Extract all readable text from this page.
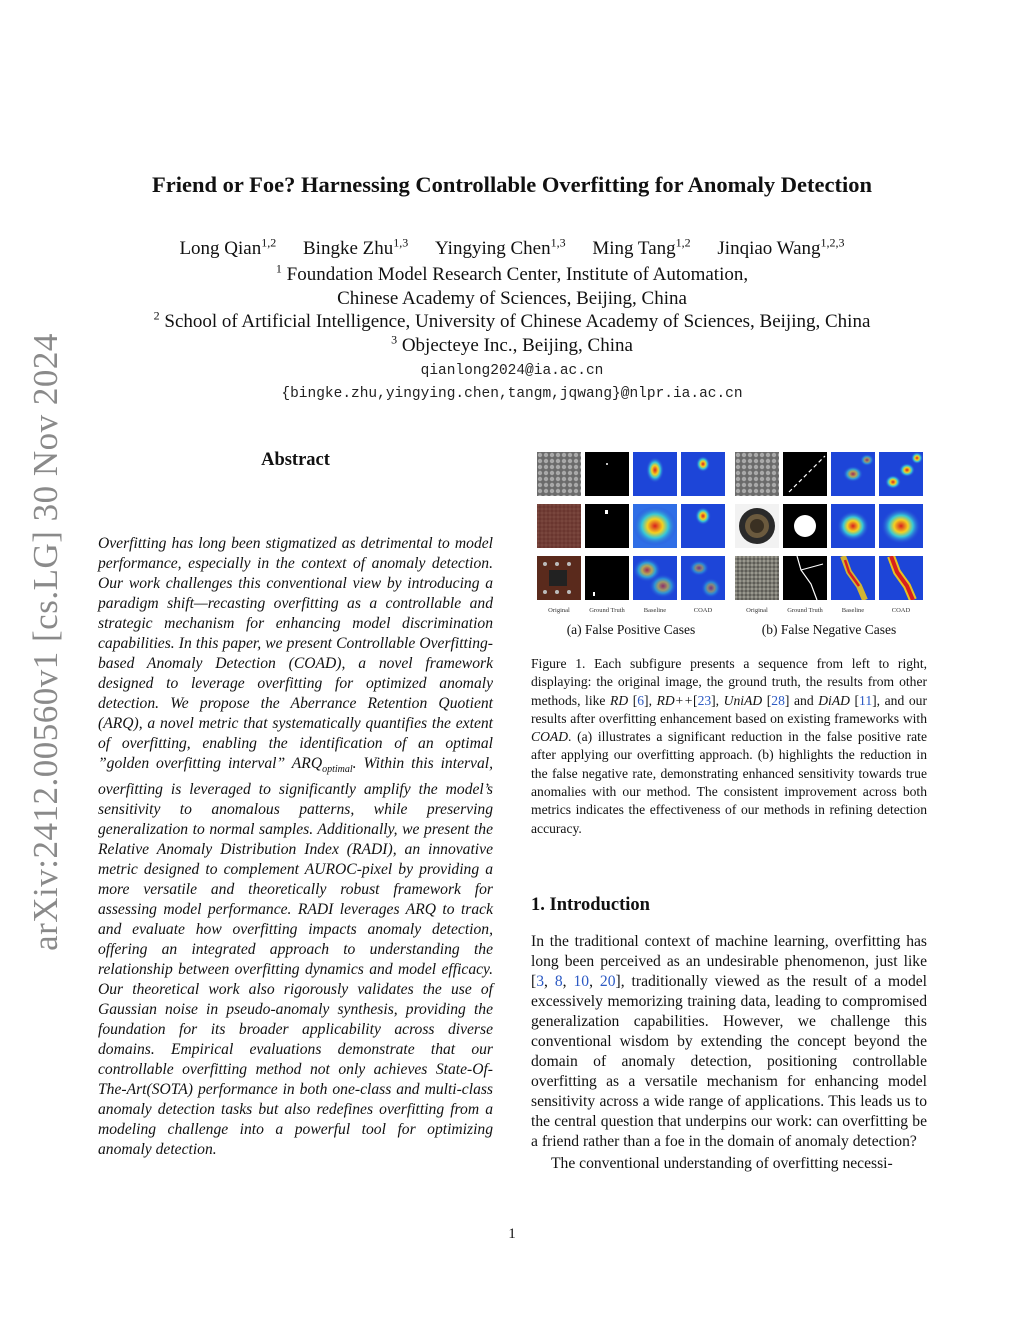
arXiv:2412.00560v1 [cs.LG] 30 Nov 2024
Friend or Foe? Harnessing Controllable Overfitting for Anomaly Detection
Long Qian$^{1,2}$ Bingke Zhu$^{1,3}$ Yingying Chen$^{1,3}$ Ming Tang$^{1,2}$ Jinqiao Wang$^{1,2,3}$
$^1$ Foundation Model Research Center, Institute of Automation,
Chinese Academy of Sciences, Beijing, China
$^2$ School of Artificial Intelligence, University of Chinese Academy of Sciences, Beijing, China
$^3$ Objecteye Inc., Beijing, China
qianlong2024@ia.ac.cn
{bingke.zhu,yingying.chen,tangm,jqwang}@nlpr.ia.ac.cn
Abstract

Overfitting has long been stigmatized as detrimental to model performance, especially in the context of anomaly detection. Our work challenges this conventional view by introducing a paradigm shift—recasting overfitting as a controllable and strategic mechanism for enhancing model discrimination capabilities. In this paper, we present Controllable Overfitting-based Anomaly Detection (COAD), a novel framework designed to leverage overfitting for optimized anomaly detection. We propose the Aberrance Retention Quotient (ARQ), a novel metric that systematically quantifies the extent of overfitting, enabling the identification of an optimal ”golden overfitting interval” $ARQ_{optimal}$. Within this interval, overfitting is leveraged to significantly amplify the model’s sensitivity to anomalous patterns, while preserving generalization to normal samples. Additionally, we present the Relative Anomaly Distribution Index (RADI), an innovative metric designed to complement AUROC-pixel by providing a more versatile and theoretically robust framework for assessing model performance. RADI leverages ARQ to track and evaluate how overfitting impacts anomaly detection, offering an integrated approach to understanding the relationship between overfitting dynamics and model efficacy. Our theoretical work also rigorously validates the use of Gaussian noise in pseudo-anomaly synthesis, providing the foundation for its broader applicability across diverse domains. Empirical evaluations demonstrate that our controllable overfitting method not only achieves State-Of-The-Art(SOTA) performance in both one-class and multi-class anomaly detection tasks but also redefines overfitting from a modeling challenge into a powerful tool for optimizing anomaly detection.

Original	Ground Truth	Baseline	COAD
(a) False Positive Cases
Original	Ground Truth	Baseline	COAD
(b) False Negative Cases

Figure 1. Each subfigure presents a sequence from left to right, displaying: the original image, the ground truth, the results from other methods, like RD [6], RD++[23], UniAD [28] and DiAD [11], and our results after overfitting enhancement based on existing frameworks with COAD. (a) illustrates a significant reduction in the false positive rate after applying our overfitting approach. (b) highlights the reduction in the false negative rate, demonstrating enhanced sensitivity towards true anomalies with our method. The consistent improvement across both metrics indicates the effectiveness of our methods in refining detection accuracy.

1. Introduction

In the traditional context of machine learning, overfitting has long been perceived as an undesirable phenomenon, just like [3, 8, 10, 20], traditionally viewed as the result of a model excessively memorizing training data, leading to compromised generalization capabilities. However, we challenge this conventional wisdom by extending the concept beyond the domain of anomaly detection, positioning controllable overfitting as a versatile mechanism for enhancing model sensitivity across a wide range of applications. This leads us to the central question that underpins our work: can overfitting be a friend rather than a foe in the domain of anomaly detection?

The conventional understanding of overfitting necessi-

1
